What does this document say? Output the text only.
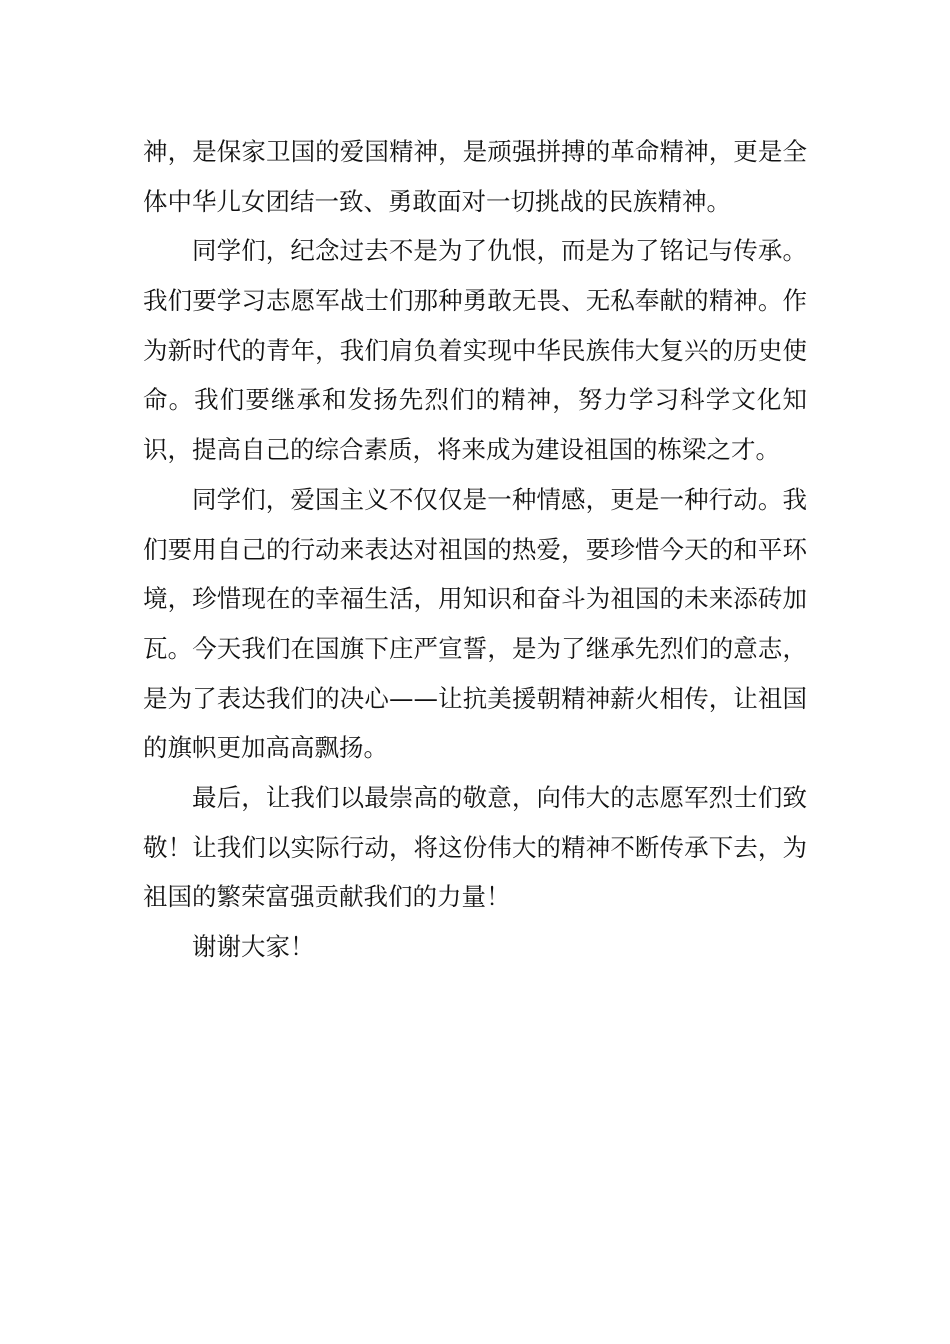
神，是保家卫国的爱国精神，是顽强拼搏的革命精神，更是全
体中华儿女团结一致、勇敢面对一切挑战的民族精神。
同学们，纪念过去不是为了仇恨，而是为了铭记与传承。
我们要学习志愿军战士们那种勇敢无畏、无私奉献的精神。作
为新时代的青年，我们肩负着实现中华民族伟大复兴的历史使
命。我们要继承和发扬先烈们的精神，努力学习科学文化知
识，提高自己的综合素质，将来成为建设祖国的栋梁之才。
同学们，爱国主义不仅仅是一种情感，更是一种行动。我
们要用自己的行动来表达对祖国的热爱，要珍惜今天的和平环
境，珍惜现在的幸福生活，用知识和奋斗为祖国的未来添砖加
瓦。今天我们在国旗下庄严宣誓，是为了继承先烈们的意志，
是为了表达我们的决心——让抗美援朝精神薪火相传，让祖国
的旗帜更加高高飘扬。
最后，让我们以最崇高的敬意，向伟大的志愿军烈士们致
敬！让我们以实际行动，将这份伟大的精神不断传承下去，为
祖国的繁荣富强贡献我们的力量！
谢谢大家！
